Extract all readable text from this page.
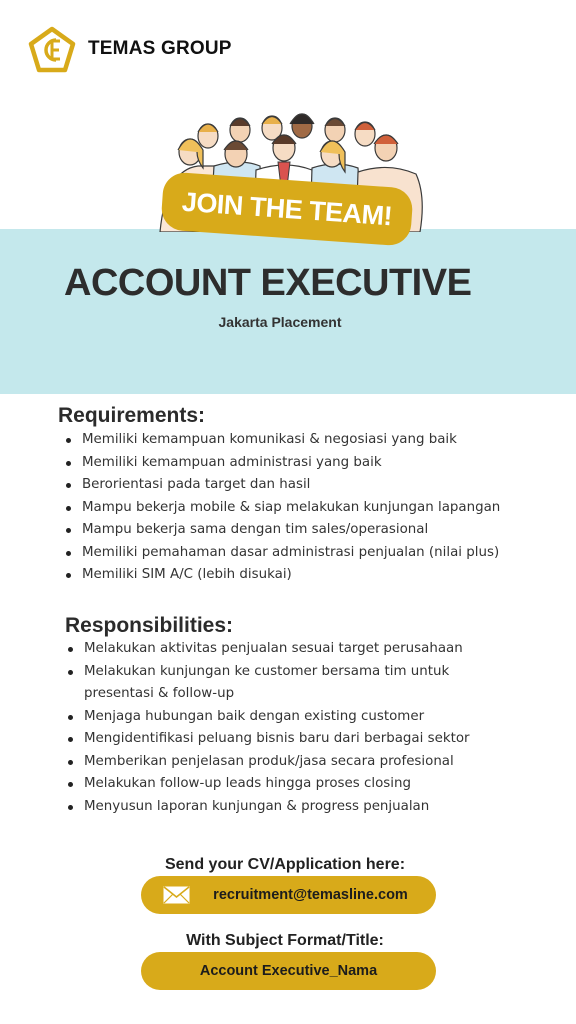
TEMAS GROUP
JOIN THE TEAM!
ACCOUNT EXECUTIVE
Jakarta Placement
Requirements:
Memiliki kemampuan komunikasi & negosiasi yang baik
Memiliki kemampuan administrasi yang baik
Berorientasi pada target dan hasil
Mampu bekerja mobile & siap melakukan kunjungan lapangan
Mampu bekerja sama dengan tim sales/operasional
Memiliki pemahaman dasar administrasi penjualan (nilai plus)
Memiliki SIM A/C (lebih disukai)
Responsibilities:
Melakukan aktivitas penjualan sesuai target perusahaan
Melakukan kunjungan ke customer bersama tim untuk presentasi & follow-up
Menjaga hubungan baik dengan existing customer
Mengidentifikasi peluang bisnis baru dari berbagai sektor
Memberikan penjelasan produk/jasa secara profesional
Melakukan follow-up leads hingga proses closing
Menyusun laporan kunjungan & progress penjualan
Send your CV/Application here:
recruitment@temasline.com
With Subject Format/Title:
Account Executive_Nama
